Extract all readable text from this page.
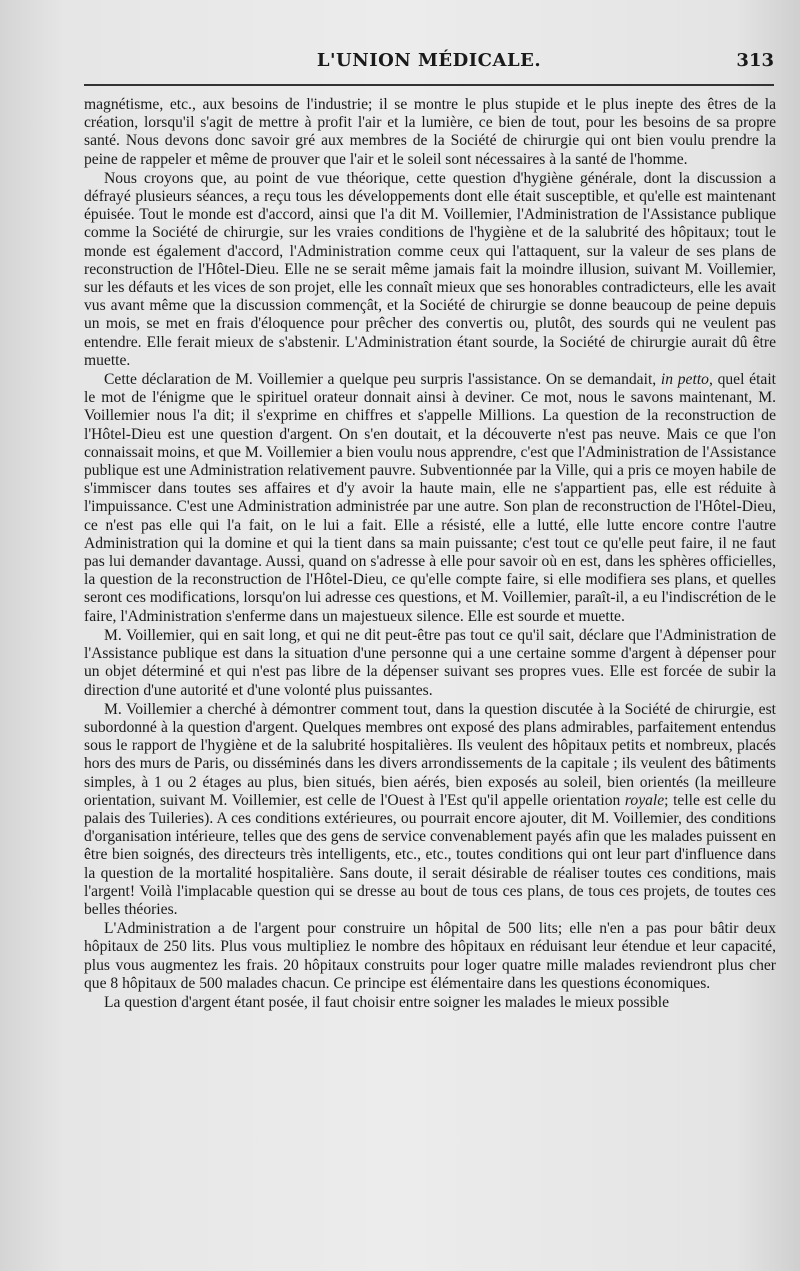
L'UNION MÉDICALE.	313

magnétisme, etc., aux besoins de l'industrie; il se montre le plus stupide et le plus inepte des êtres de la création, lorsqu'il s'agit de mettre à profit l'air et la lumière, ce bien de tout, pour les besoins de sa propre santé. Nous devons donc savoir gré aux membres de la Société de chirurgie qui ont bien voulu prendre la peine de rappeler et même de prouver que l'air et le soleil sont nécessaires à la santé de l'homme.

Nous croyons que, au point de vue théorique, cette question d'hygiène générale, dont la discussion a défrayé plusieurs séances, a reçu tous les développements dont elle était susceptible, et qu'elle est maintenant épuisée. Tout le monde est d'accord, ainsi que l'a dit M. Voillemier, l'Administration de l'Assistance publique comme la Société de chirurgie, sur les vraies conditions de l'hygiène et de la salubrité des hôpitaux; tout le monde est également d'accord, l'Administration comme ceux qui l'attaquent, sur la valeur de ses plans de reconstruction de l'Hôtel-Dieu. Elle ne se serait même jamais fait la moindre illusion, suivant M. Voillemier, sur les défauts et les vices de son projet, elle les connaît mieux que ses honorables contradicteurs, elle les avait vus avant même que la discussion commençât, et la Société de chirurgie se donne beaucoup de peine depuis un mois, se met en frais d'éloquence pour prêcher des convertis ou, plutôt, des sourds qui ne veulent pas entendre. Elle ferait mieux de s'abstenir. L'Administration étant sourde, la Société de chirurgie aurait dû être muette.

Cette déclaration de M. Voillemier a quelque peu surpris l'assistance. On se demandait, in petto, quel était le mot de l'énigme que le spirituel orateur donnait ainsi à deviner. Ce mot, nous le savons maintenant, M. Voillemier nous l'a dit; il s'exprime en chiffres et s'appelle Millions. La question de la reconstruction de l'Hôtel-Dieu est une question d'argent. On s'en doutait, et la découverte n'est pas neuve. Mais ce que l'on connaissait moins, et que M. Voillemier a bien voulu nous apprendre, c'est que l'Administration de l'Assistance publique est une Administration relativement pauvre. Subventionnée par la Ville, qui a pris ce moyen habile de s'immiscer dans toutes ses affaires et d'y avoir la haute main, elle ne s'appartient pas, elle est réduite à l'impuissance. C'est une Administration administrée par une autre. Son plan de reconstruction de l'Hôtel-Dieu, ce n'est pas elle qui l'a fait, on le lui a fait. Elle a résisté, elle a lutté, elle lutte encore contre l'autre Administration qui la domine et qui la tient dans sa main puissante; c'est tout ce qu'elle peut faire, il ne faut pas lui demander davantage. Aussi, quand on s'adresse à elle pour savoir où en est, dans les sphères officielles, la question de la reconstruction de l'Hôtel-Dieu, ce qu'elle compte faire, si elle modifiera ses plans, et quelles seront ces modifications, lorsqu'on lui adresse ces questions, et M. Voillemier, paraît-il, a eu l'indiscrétion de le faire, l'Administration s'enferme dans un majestueux silence. Elle est sourde et muette.

M. Voillemier, qui en sait long, et qui ne dit peut-être pas tout ce qu'il sait, déclare que l'Administration de l'Assistance publique est dans la situation d'une personne qui a une certaine somme d'argent à dépenser pour un objet déterminé et qui n'est pas libre de la dépenser suivant ses propres vues. Elle est forcée de subir la direction d'une autorité et d'une volonté plus puissantes.

M. Voillemier a cherché à démontrer comment tout, dans la question discutée à la Société de chirurgie, est subordonné à la question d'argent. Quelques membres ont exposé des plans admirables, parfaitement entendus sous le rapport de l'hygiène et de la salubrité hospitalières. Ils veulent des hôpitaux petits et nombreux, placés hors des murs de Paris, ou disséminés dans les divers arrondissements de la capitale ; ils veulent des bâtiments simples, à 1 ou 2 étages au plus, bien situés, bien aérés, bien exposés au soleil, bien orientés (la meilleure orientation, suivant M. Voillemier, est celle de l'Ouest à l'Est qu'il appelle orientation royale; telle est celle du palais des Tuileries). A ces conditions extérieures, ou pourrait encore ajouter, dit M. Voillemier, des conditions d'organisation intérieure, telles que des gens de service convenablement payés afin que les malades puissent en être bien soignés, des directeurs très intelligents, etc., etc., toutes conditions qui ont leur part d'influence dans la question de la mortalité hospitalière. Sans doute, il serait désirable de réaliser toutes ces conditions, mais l'argent! Voilà l'implacable question qui se dresse au bout de tous ces plans, de tous ces projets, de toutes ces belles théories.

L'Administration a de l'argent pour construire un hôpital de 500 lits; elle n'en a pas pour bâtir deux hôpitaux de 250 lits. Plus vous multipliez le nombre des hôpitaux en réduisant leur étendue et leur capacité, plus vous augmentez les frais. 20 hôpitaux construits pour loger quatre mille malades reviendront plus cher que 8 hôpitaux de 500 malades chacun. Ce principe est élémentaire dans les questions économiques.

La question d'argent étant posée, il faut choisir entre soigner les malades le mieux possible
